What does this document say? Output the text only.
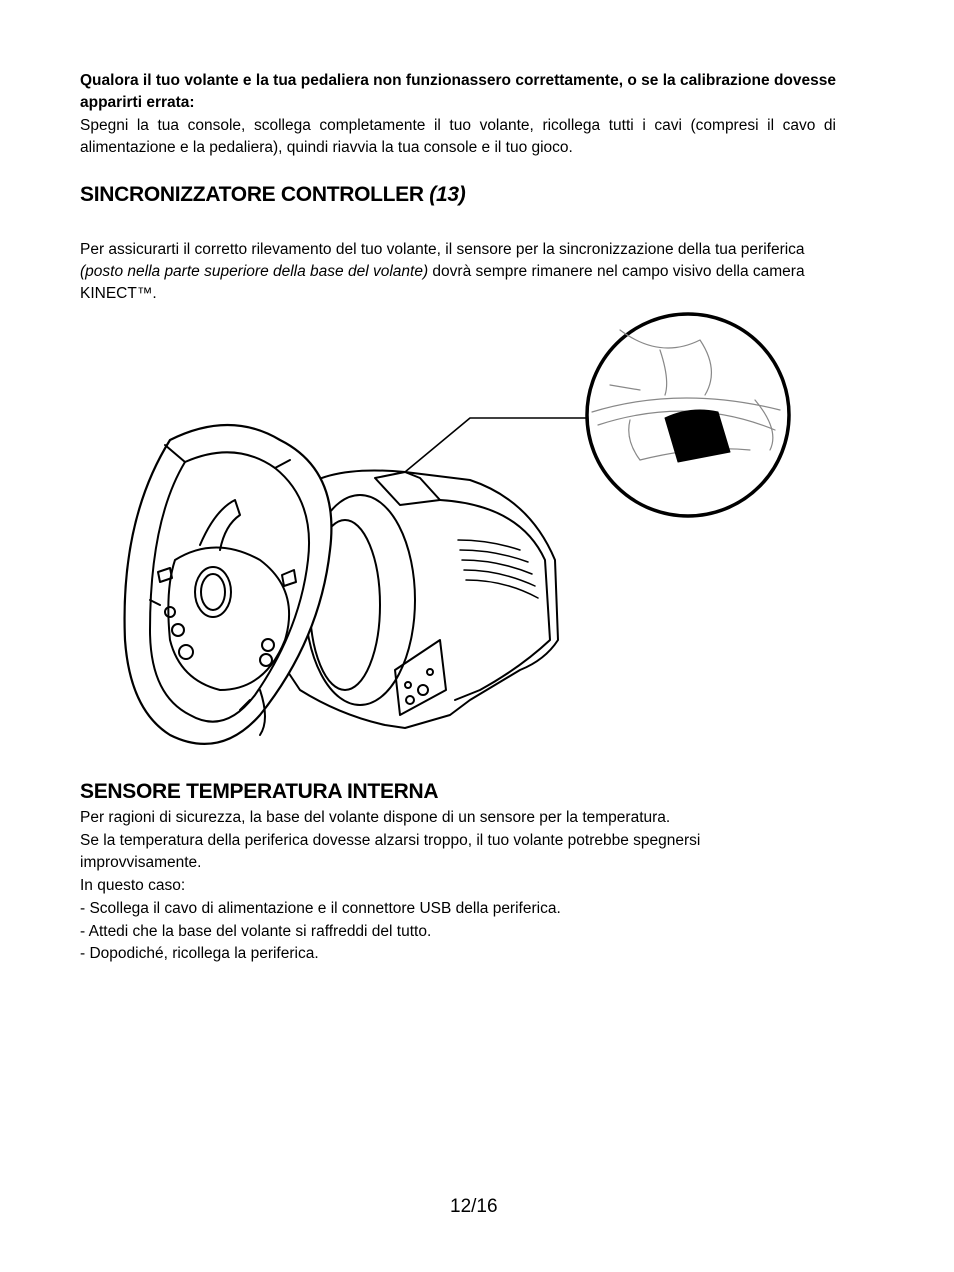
Qualora il tuo volante e la tua pedaliera non funzionassero correttamente, o se la calibrazione dovesse apparirti errata:
Spegni la tua console, scollega completamente il tuo volante, ricollega tutti i cavi (compresi il cavo di alimentazione e la pedaliera), quindi riavvia la tua console e il tuo gioco.
SINCRONIZZATORE CONTROLLER (13)
Per assicurarti il corretto rilevamento del tuo volante, il sensore per la sincronizzazione della tua periferica (posto nella parte superiore della base del volante) dovrà sempre rimanere nel campo visivo della camera KINECT™.
SENSORE TEMPERATURA INTERNA

Per ragioni di sicurezza, la base del volante dispone di un sensore per la temperatura.

Se la temperatura della periferica dovesse alzarsi troppo, il tuo volante potrebbe spegnersi improvvisamente.

In questo caso:

- Scollega il cavo di alimentazione e il connettore USB della periferica.

- Attedi che la base del volante si raffreddi del tutto.

- Dopodiché, ricollega la periferica.

12/16
